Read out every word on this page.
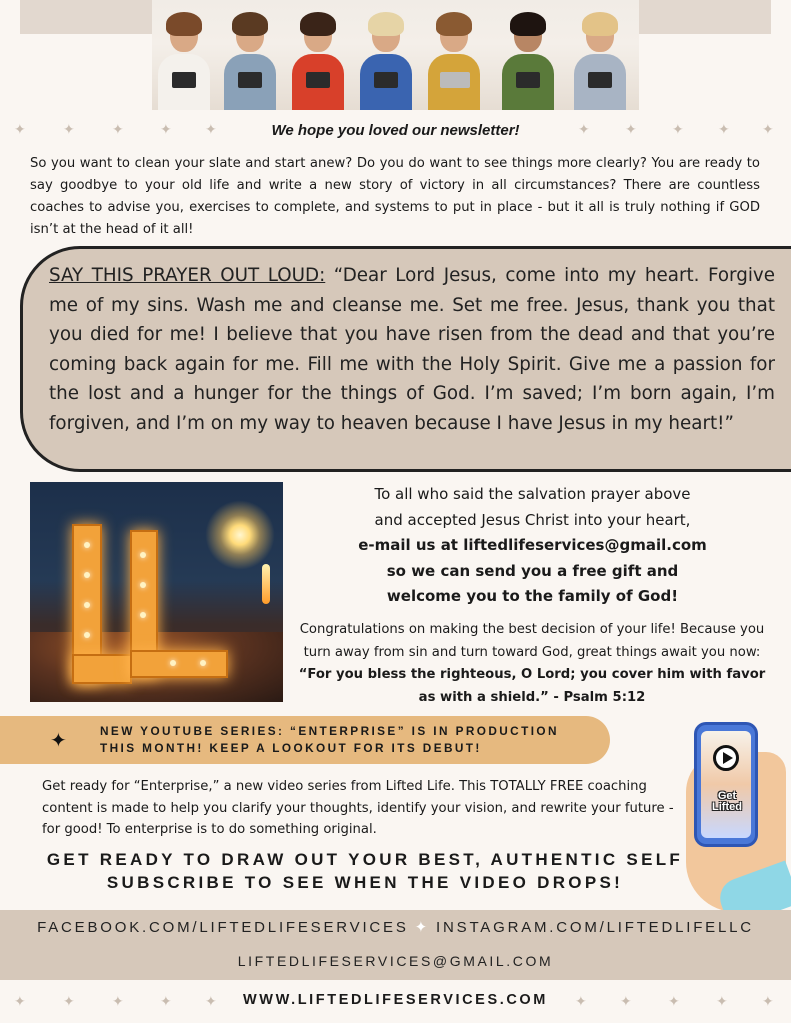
✦	✦	✦	✦ ✦	✦	✦	✦ ✦ ✦
We hope you loved our newsletter!

So you want to clean your slate and start anew? Do you do want to see things more clearly? You are ready to say goodbye to your old life and write a new story of victory in all circumstances? There are countless coaches to advise you, exercises to complete, and systems to put in place - but it all is truly nothing if GOD isn’t at the head of it all!

SAY THIS PRAYER OUT LOUD: “Dear Lord Jesus, come into my heart. Forgive me of my sins. Wash me and cleanse me. Set me free. Jesus, thank you that you died for me! I believe that you have risen from the dead and that you’re coming back again for me. Fill me with the Holy Spirit. Give me a passion for the lost and a hunger for the things of God. I’m saved; I’m born again, I’m forgiven, and I’m on my way to heaven because I have Jesus in my heart!”

To all who said the salvation prayer above
and accepted Jesus Christ into your heart,
e-mail us at liftedlifeservices@gmail.com
so we can send you a free gift and
welcome you to the family of God!

Congratulations on making the best decision of your life! Because you turn away from sin and turn toward God, great things await you now: “For you bless the righteous, O Lord; you cover him with favor as with a shield.” - Psalm 5:12

✦	NEW YOUTUBE SERIES: “ENTERPRISE” IS IN PRODUCTION
THIS MONTH! KEEP A LOOKOUT FOR ITS DEBUT!

Get ready for “Enterprise,” a new video series from Lifted Life. This TOTALLY FREE coaching content is made to help you clarify your thoughts, identify your vision, and rewrite your future - for good! To enterprise is to do something original.

GET READY TO DRAW OUT YOUR BEST, AUTHENTIC SELF
SUBSCRIBE TO SEE WHEN THE VIDEO DROPS!
Get
Lifted
FACEBOOK.COM/LIFTEDLIFESERVICES ✦ INSTAGRAM.COM/LIFTEDLIFELLC
LIFTEDLIFESERVICES@GMAIL.COM
✦	✦	✦	✦ ✦	✦ ✦	✦	✦ ✦
WWW.LIFTEDLIFESERVICES.COM
